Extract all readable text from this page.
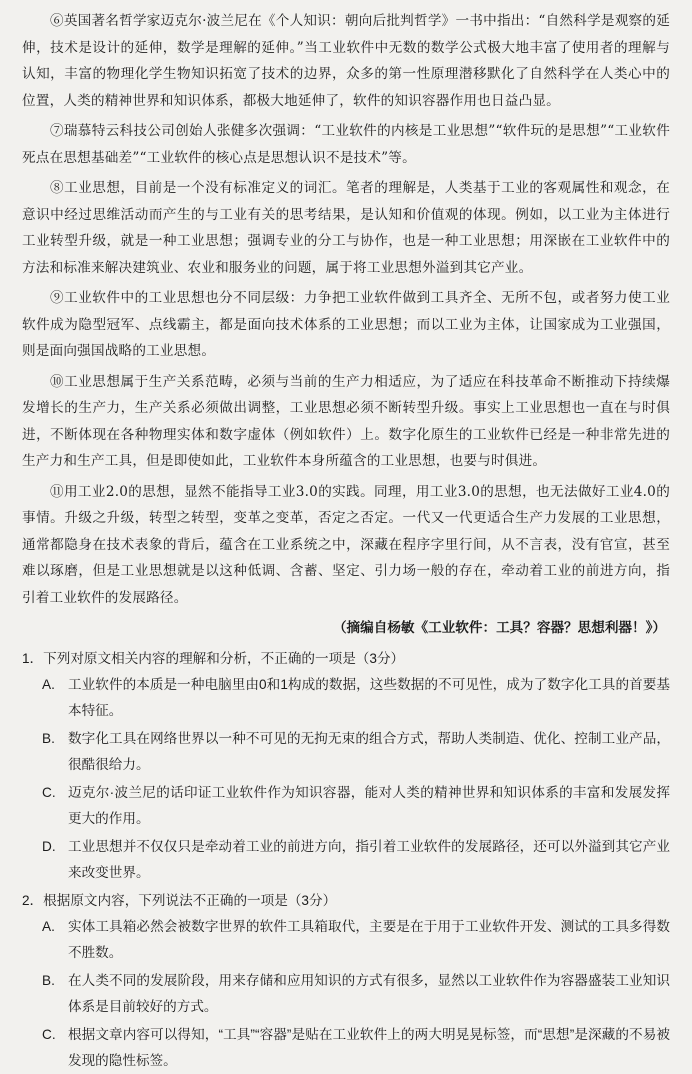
⑥英国著名哲学家迈克尔·波兰尼在《个人知识：朝向后批判哲学》一书中指出：“自然科学是观察的延伸，技术是设计的延伸，数学是理解的延伸。”当工业软件中无数的数学公式极大地丰富了使用者的理解与认知，丰富的物理化学生物知识拓宽了技术的边界，众多的第一性原理潜移默化了自然科学在人类心中的位置，人类的精神世界和知识体系，都极大地延伸了，软件的知识容器作用也日益凸显。

⑦瑞慕特云科技公司创始人张健多次强调：“工业软件的内核是工业思想”“软件玩的是思想”“工业软件死点在思想基础差”“工业软件的核心点是思想认识不是技术”等。

⑧工业思想，目前是一个没有标准定义的词汇。笔者的理解是，人类基于工业的客观属性和观念，在意识中经过思维活动而产生的与工业有关的思考结果，是认知和价值观的体现。例如，以工业为主体进行工业转型升级，就是一种工业思想；强调专业的分工与协作，也是一种工业思想；用深嵌在工业软件中的方法和标准来解决建筑业、农业和服务业的问题，属于将工业思想外溢到其它产业。

⑨工业软件中的工业思想也分不同层级：力争把工业软件做到工具齐全、无所不包，或者努力使工业软件成为隐型冠军、点线霸主，都是面向技术体系的工业思想；而以工业为主体，让国家成为工业强国，则是面向强国战略的工业思想。

⑩工业思想属于生产关系范畴，必须与当前的生产力相适应，为了适应在科技革命不断推动下持续爆发增长的生产力，生产关系必须做出调整，工业思想必须不断转型升级。事实上工业思想也一直在与时俱进，不断体现在各种物理实体和数字虚体（例如软件）上。数字化原生的工业软件已经是一种非常先进的生产力和生产工具，但是即使如此，工业软件本身所蕴含的工业思想，也要与时俱进。

⑪用工业2.0的思想，显然不能指导工业3.0的实践。同理，用工业3.0的思想，也无法做好工业4.0的事情。升级之升级，转型之转型，变革之变革，否定之否定。一代又一代更适合生产力发展的工业思想，通常都隐身在技术表象的背后，蕴含在工业系统之中，深藏在程序字里行间，从不言表，没有官宣，甚至难以琢磨，但是工业思想就是以这种低调、含蓄、坚定、引力场一般的存在，牵动着工业的前进方向，指引着工业软件的发展路径。

（摘编自杨敏《工业软件：工具？容器？思想利器！》）

1．下列对原文相关内容的理解和分析，不正确的一项是（3分）

A. 工业软件的本质是一种电脑里由0和1构成的数据，这些数据的不可见性，成为了数字化工具的首要基本特征。
B. 数字化工具在网络世界以一种不可见的无拘无束的组合方式，帮助人类制造、优化、控制工业产品，很酷很给力。
C. 迈克尔·波兰尼的话印证工业软件作为知识容器，能对人类的精神世界和知识体系的丰富和发展发挥更大的作用。
D. 工业思想并不仅仅只是牵动着工业的前进方向，指引着工业软件的发展路径，还可以外溢到其它产业来改变世界。

2．根据原文内容，下列说法不正确的一项是（3分）

A. 实体工具箱必然会被数字世界的软件工具箱取代，主要是在于用于工业软件开发、测试的工具多得数不胜数。
B. 在人类不同的发展阶段，用来存储和应用知识的方式有很多，显然以工业软件作为容器盛装工业知识体系是目前较好的方式。
C. 根据文章内容可以得知，“工具”“容器”是贴在工业软件上的两大明晃晃标签，而“思想”是深藏的不易被发现的隐性标签。
